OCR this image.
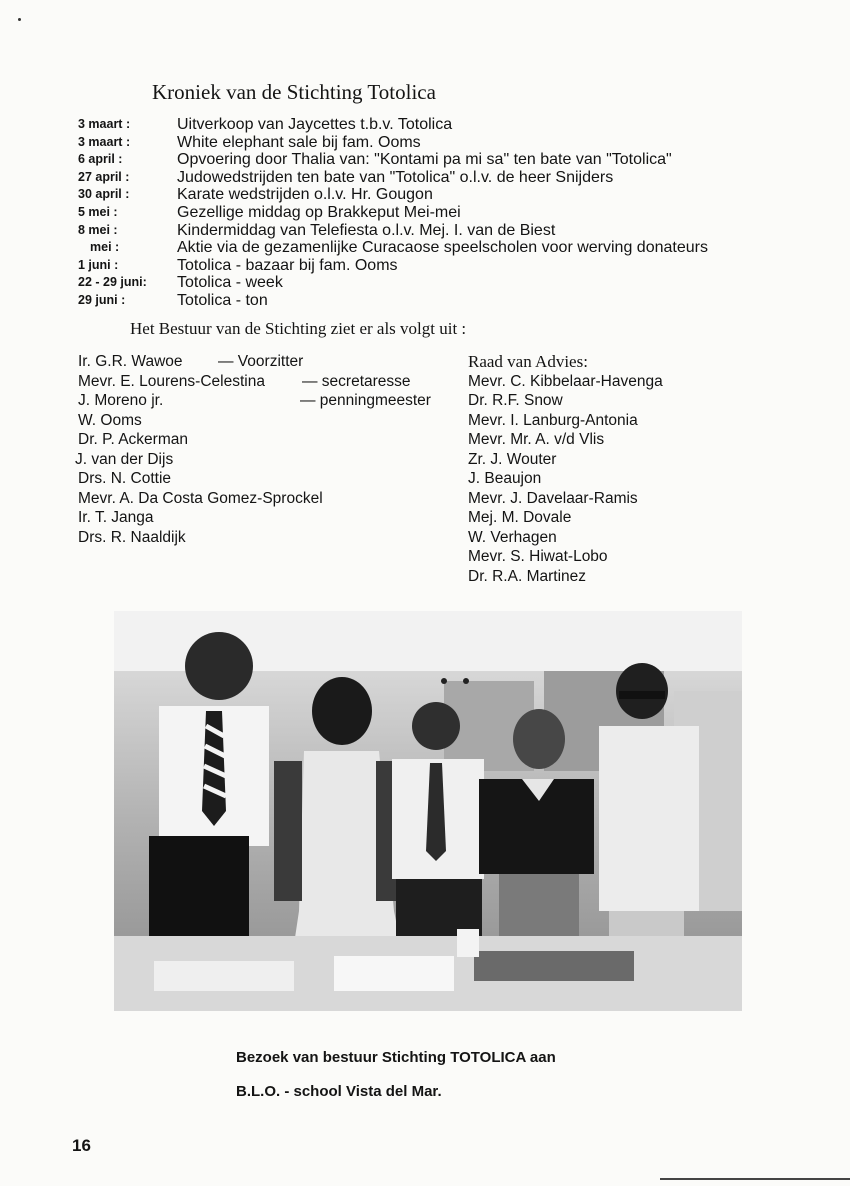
Kroniek van de Stichting Totolica
3 maart :	Uitverkoop van Jaycettes t.b.v. Totolica
3 maart :	White elephant sale bij fam. Ooms
6 april :	Opvoering door Thalia van: "Kontami pa mi sa" ten bate van "Totolica"
27 april :	Judowedstrijden ten bate van "Totolica" o.l.v. de heer Snijders
30 april :	Karate wedstrijden o.l.v. Hr. Gougon
5 mei :	Gezellige middag op Brakkeput Mei-mei
8 mei :	Kindermiddag van Telefiesta o.l.v. Mej. I. van de Biest
mei :	Aktie via de gezamenlijke Curacaose speelscholen voor werving donateurs
1 juni :	Totolica - bazaar bij fam. Ooms
22 - 29 juni:	Totolica - week
29 juni :	Totolica - ton
Het Bestuur van de Stichting ziet er als volgt uit :
Ir. G.R. Wawoe — Voorzitter
Mevr. E. Lourens-Celestina — secretaresse
J. Moreno jr.	— penningmeester
W. Ooms
Dr. P. Ackerman
J. van der Dijs
Drs. N. Cottie
Mevr. A. Da Costa Gomez-Sprockel
Ir. T. Janga
Drs. R. Naaldijk
Raad van Advies:
Mevr. C. Kibbelaar-Havenga
Dr. R.F. Snow
Mevr. I. Lanburg-Antonia
Mevr. Mr. A. v/d Vlis
Zr. J. Wouter
J. Beaujon
Mevr. J. Davelaar-Ramis
Mej. M. Dovale
W. Verhagen
Mevr. S. Hiwat-Lobo
Dr. R.A. Martinez
Bezoek van bestuur Stichting TOTOLICA aan
B.L.O. - school Vista del Mar.
16
